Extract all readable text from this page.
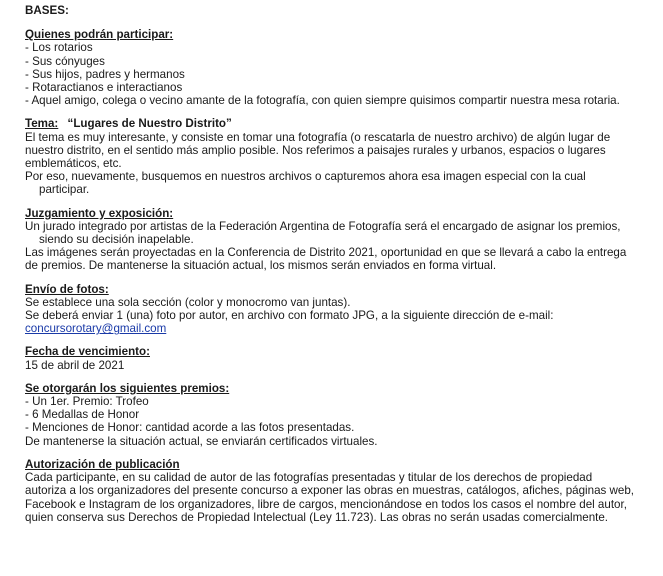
BASES:
Quienes podrán participar:
- Los rotarios
- Sus cónyuges
- Sus hijos, padres y hermanos
- Rotaractianos e interactianos
- Aquel amigo, colega o vecino amante de la fotografía, con quien siempre quisimos compartir nuestra mesa rotaria.
Tema: “Lugares de Nuestro Distrito”
El tema es muy interesante, y consiste en tomar una fotografía (o rescatarla de nuestro archivo) de algún lugar de
nuestro distrito, en el sentido más amplio posible. Nos referimos a paisajes rurales y urbanos, espacios o lugares
emblemáticos, etc.
Por eso, nuevamente, busquemos en nuestros archivos o capturemos ahora esa imagen especial con la cual
participar.
Juzgamiento y exposición:
Un jurado integrado por artistas de la Federación Argentina de Fotografía será el encargado de asignar los premios,
siendo su decisión inapelable.
Las imágenes serán proyectadas en la Conferencia de Distrito 2021, oportunidad en que se llevará a cabo la entrega
de premios. De mantenerse la situación actual, los mismos serán enviados en forma virtual.
Envío de fotos:
Se establece una sola sección (color y monocromo van juntas).
Se deberá enviar 1 (una) foto por autor, en archivo con formato JPG, a la siguiente dirección de e-mail:
concursorotary@gmail.com
Fecha de vencimiento:
15 de abril de 2021
Se otorgarán los siguientes premios:
- Un 1er. Premio: Trofeo
- 6 Medallas de Honor
- Menciones de Honor: cantidad acorde a las fotos presentadas.
De mantenerse la situación actual, se enviarán certificados virtuales.
Autorización de publicación
Cada participante, en su calidad de autor de las fotografías presentadas y titular de los derechos de propiedad
autoriza a los organizadores del presente concurso a exponer las obras en muestras, catálogos, afiches, páginas web,
Facebook e Instagram de los organizadores, libre de cargos, mencionándose en todos los casos el nombre del autor,
quien conserva sus Derechos de Propiedad Intelectual (Ley 11.723). Las obras no serán usadas comercialmente.
